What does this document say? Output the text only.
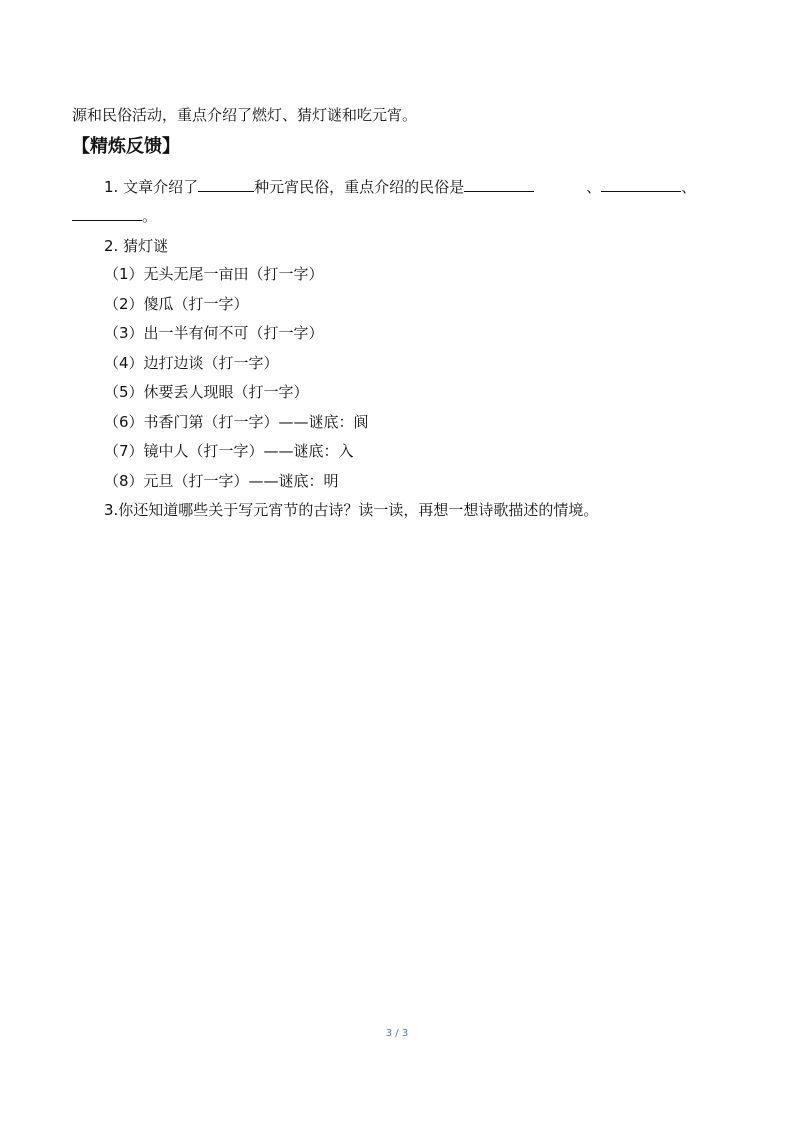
源和民俗活动，重点介绍了燃灯、猜灯谜和吃元宵。
【精炼反馈】
1. 文章介绍了	种元宵民俗，重点介绍的民俗是	、	、
。
2. 猜灯谜
（1）无头无尾一亩田（打一字）
（2）傻瓜（打一字）
（3）出一半有何不可（打一字）
（4）边打边谈（打一字）
（5）休要丢人现眼（打一字）
（6）书香门第（打一字）——谜底：阆
（7）镜中人（打一字）——谜底：入
（8）元旦（打一字）——谜底：明
3.你还知道哪些关于写元宵节的古诗？读一读，再想一想诗歌描述的情境。
3 / 3
